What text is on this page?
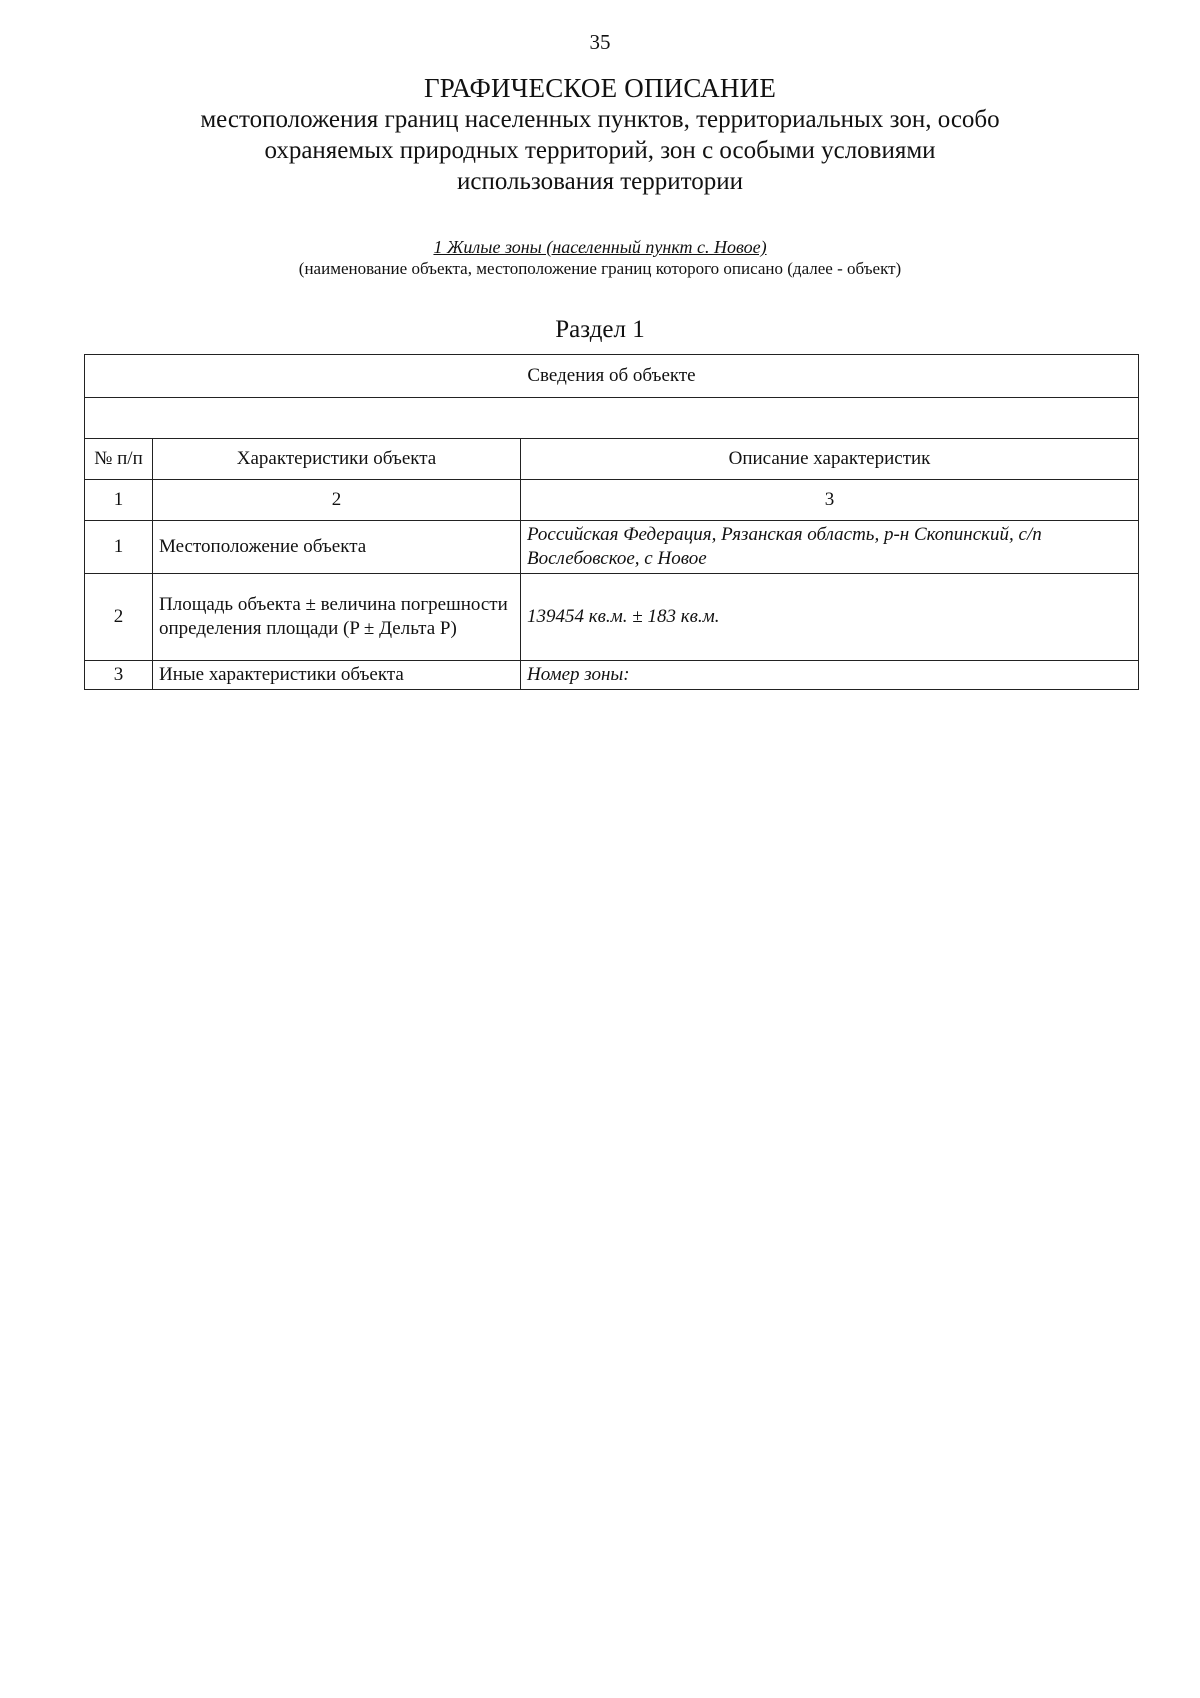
35
ГРАФИЧЕСКОЕ ОПИСАНИЕ
местоположения границ населенных пунктов, территориальных зон, особо охраняемых природных территорий, зон с особыми условиями использования территории
1 Жилые зоны (населенный пункт с. Новое)
(наименование объекта, местоположение границ которого описано (далее - объект)
Раздел 1
Сведения об объекте		

№ п/п	Характеристики объекта	Описание характеристик
1	2	3
1	Местоположение объекта	Российская Федерация, Рязанская область, р-н Скопинский, с/п Вослебовское, с Новое
2	Площадь объекта ± величина погрешности определения площади (P ± Дельта P)	139454 кв.м. ± 183 кв.м.
3	Иные характеристики объекта	Номер зоны:
